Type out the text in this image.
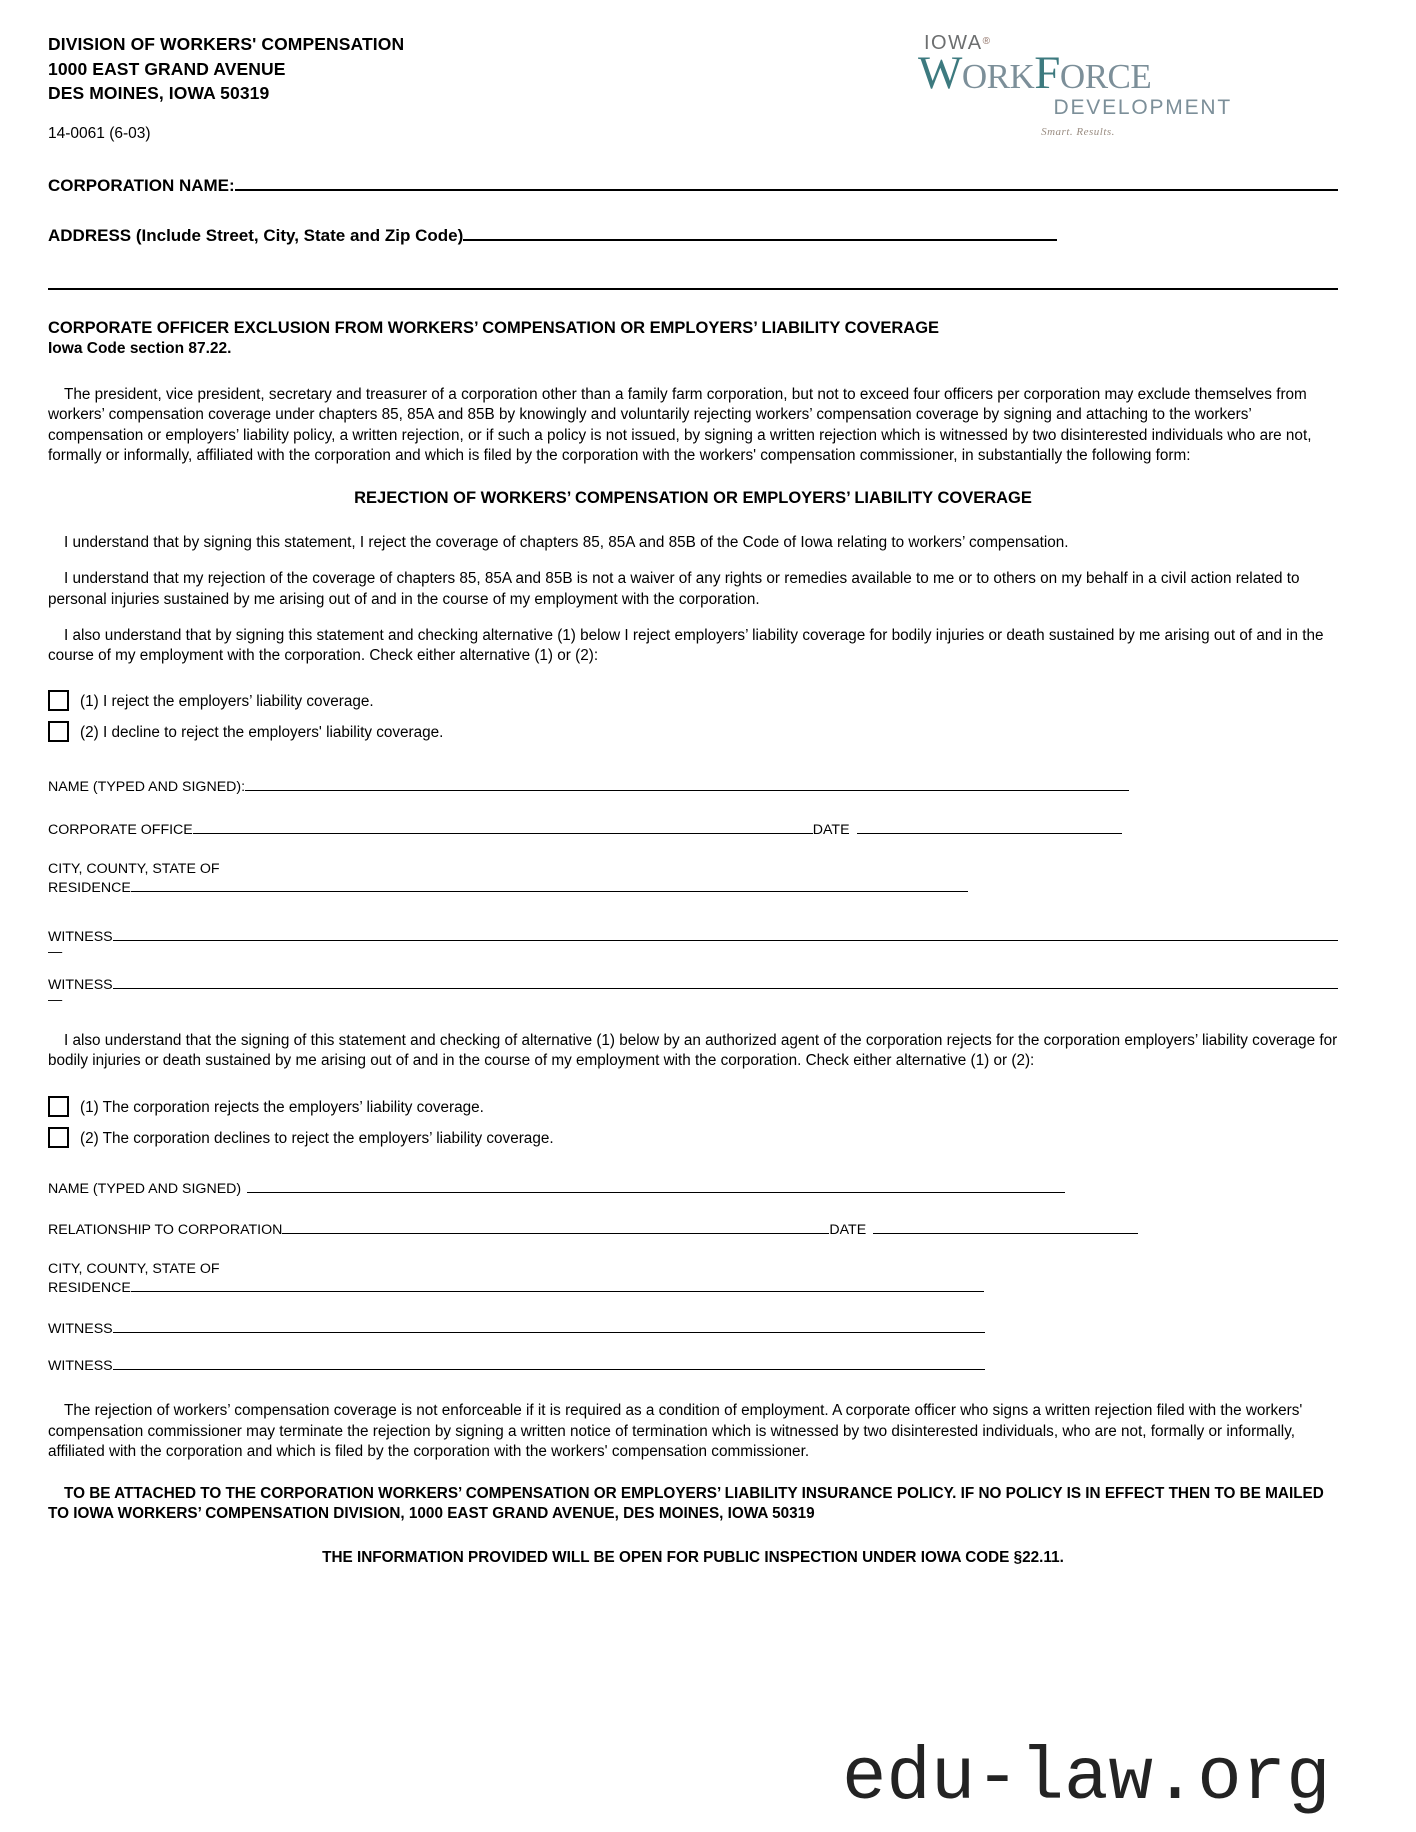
DIVISION OF WORKERS' COMPENSATION
1000 EAST GRAND AVENUE
DES MOINES, IOWA 50319
IOWA®
WORKFORCE
DEVELOPMENT
Smart. Results.
14-0061 (6-03)
CORPORATION NAME:
ADDRESS (Include Street, City, State and Zip Code)
CORPORATE OFFICER EXCLUSION FROM WORKERS’ COMPENSATION OR EMPLOYERS’ LIABILITY COVERAGE
Iowa Code section 87.22.
The president, vice president, secretary and treasurer of a corporation other than a family farm corporation, but not to exceed four officers per corporation may exclude themselves from workers’ compensation coverage under chapters 85, 85A and 85B by knowingly and voluntarily rejecting workers’ compensation coverage by signing and attaching to the workers’ compensation or employers’ liability policy, a written rejection, or if such a policy is not issued, by signing a written rejection which is witnessed by two disinterested individuals who are not, formally or informally, affiliated with the corporation and which is filed by the corporation with the workers' compensation commissioner, in substantially the following form:
REJECTION OF WORKERS’ COMPENSATION OR EMPLOYERS’ LIABILITY COVERAGE
I understand that by signing this statement, I reject the coverage of chapters 85, 85A and 85B of the Code of Iowa relating to workers’ compensation.
I understand that my rejection of the coverage of chapters 85, 85A and 85B is not a waiver of any rights or remedies available to me or to others on my behalf in a civil action related to personal injuries sustained by me arising out of and in the course of my employment with the corporation.
I also understand that by signing this statement and checking alternative (1) below I reject employers’ liability coverage for bodily injuries or death sustained by me arising out of and in the course of my employment with the corporation. Check either alternative (1) or (2):
(1) I reject the employers’ liability coverage.
(2) I decline to reject the employers' liability coverage.
NAME (TYPED AND SIGNED):
CORPORATE OFFICE	DATE
CITY, COUNTY, STATE OF
RESIDENCE
WITNESS
—
WITNESS
—
I also understand that the signing of this statement and checking of alternative (1) below by an authorized agent of the corporation rejects for the corporation employers’ liability coverage for bodily injuries or death sustained by me arising out of and in the course of my employment with the corporation. Check either alternative (1) or (2):
(1) The corporation rejects the employers’ liability coverage.
(2) The corporation declines to reject the employers’ liability coverage.
NAME (TYPED AND SIGNED)
RELATIONSHIP TO CORPORATION	DATE
CITY, COUNTY, STATE OF
RESIDENCE
WITNESS
WITNESS
The rejection of workers’ compensation coverage is not enforceable if it is required as a condition of employment. A corporate officer who signs a written rejection filed with the workers' compensation commissioner may terminate the rejection by signing a written notice of termination which is witnessed by two disinterested individuals, who are not, formally or informally, affiliated with the corporation and which is filed by the corporation with the workers' compensation commissioner.
TO BE ATTACHED TO THE CORPORATION WORKERS’ COMPENSATION OR EMPLOYERS’ LIABILITY INSURANCE POLICY. IF NO POLICY IS IN EFFECT THEN TO BE MAILED TO IOWA WORKERS’ COMPENSATION DIVISION, 1000 EAST GRAND AVENUE, DES MOINES, IOWA 50319
THE INFORMATION PROVIDED WILL BE OPEN FOR PUBLIC INSPECTION UNDER IOWA CODE §22.11.
edu-law.org
